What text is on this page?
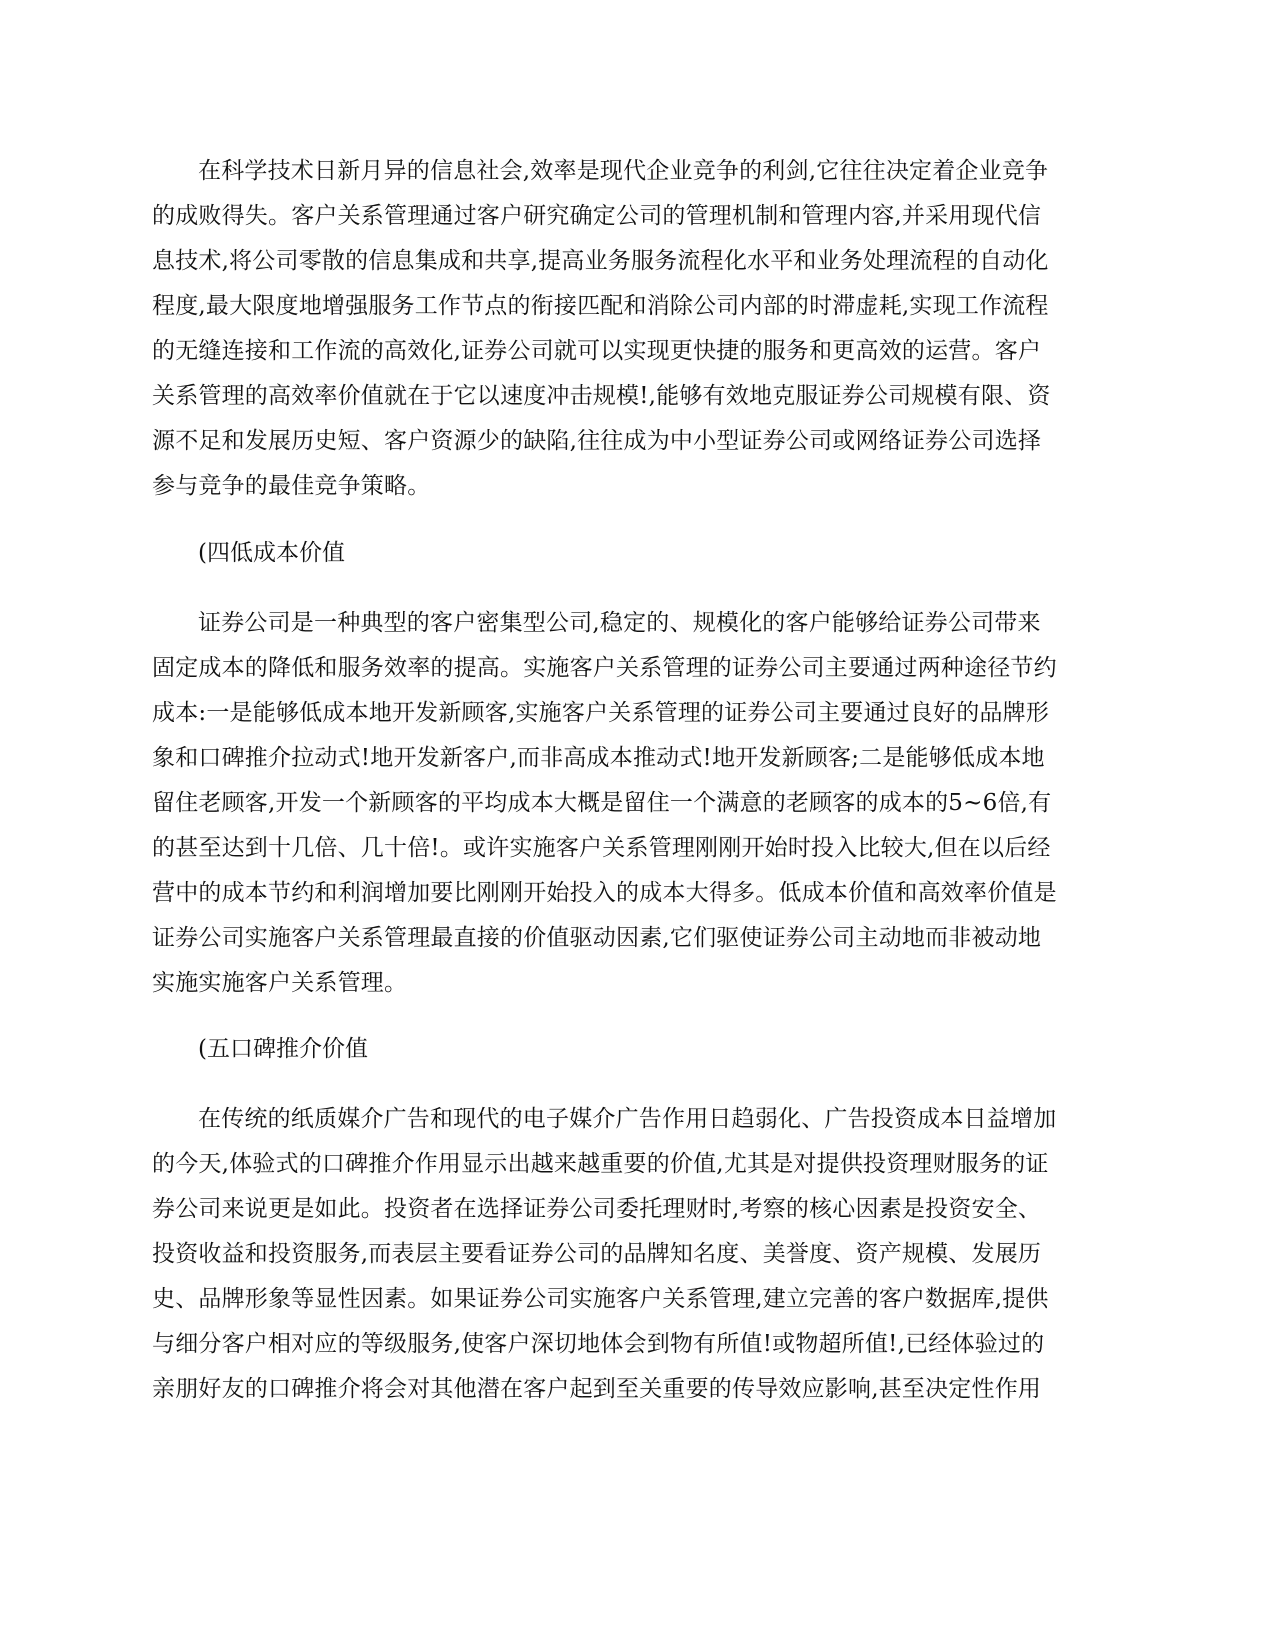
在科学技术日新月异的信息社会,效率是现代企业竞争的利剑,它往往决定着企业竞争
的成败得失。客户关系管理通过客户研究确定公司的管理机制和管理内容,并采用现代信
息技术,将公司零散的信息集成和共享,提高业务服务流程化水平和业务处理流程的自动化
程度,最大限度地增强服务工作节点的衔接匹配和消除公司内部的时滞虚耗,实现工作流程
的无缝连接和工作流的高效化,证券公司就可以实现更快捷的服务和更高效的运营。客户
关系管理的高效率价值就在于它以速度冲击规模!,能够有效地克服证券公司规模有限、资
源不足和发展历史短、客户资源少的缺陷,往往成为中小型证券公司或网络证券公司选择
参与竞争的最佳竞争策略。
(四低成本价值
证券公司是一种典型的客户密集型公司,稳定的、规模化的客户能够给证券公司带来
固定成本的降低和服务效率的提高。实施客户关系管理的证券公司主要通过两种途径节约
成本:一是能够低成本地开发新顾客,实施客户关系管理的证券公司主要通过良好的品牌形
象和口碑推介拉动式!地开发新客户,而非高成本推动式!地开发新顾客;二是能够低成本地
留住老顾客,开发一个新顾客的平均成本大概是留住一个满意的老顾客的成本的5~6倍,有
的甚至达到十几倍、几十倍!。或许实施客户关系管理刚刚开始时投入比较大,但在以后经
营中的成本节约和利润增加要比刚刚开始投入的成本大得多。低成本价值和高效率价值是
证券公司实施客户关系管理最直接的价值驱动因素,它们驱使证券公司主动地而非被动地
实施实施客户关系管理。
(五口碑推介价值
在传统的纸质媒介广告和现代的电子媒介广告作用日趋弱化、广告投资成本日益增加
的今天,体验式的口碑推介作用显示出越来越重要的价值,尤其是对提供投资理财服务的证
券公司来说更是如此。投资者在选择证券公司委托理财时,考察的核心因素是投资安全、
投资收益和投资服务,而表层主要看证券公司的品牌知名度、美誉度、资产规模、发展历
史、品牌形象等显性因素。如果证券公司实施客户关系管理,建立完善的客户数据库,提供
与细分客户相对应的等级服务,使客户深切地体会到物有所值!或物超所值!,已经体验过的
亲朋好友的口碑推介将会对其他潜在客户起到至关重要的传导效应影响,甚至决定性作用
